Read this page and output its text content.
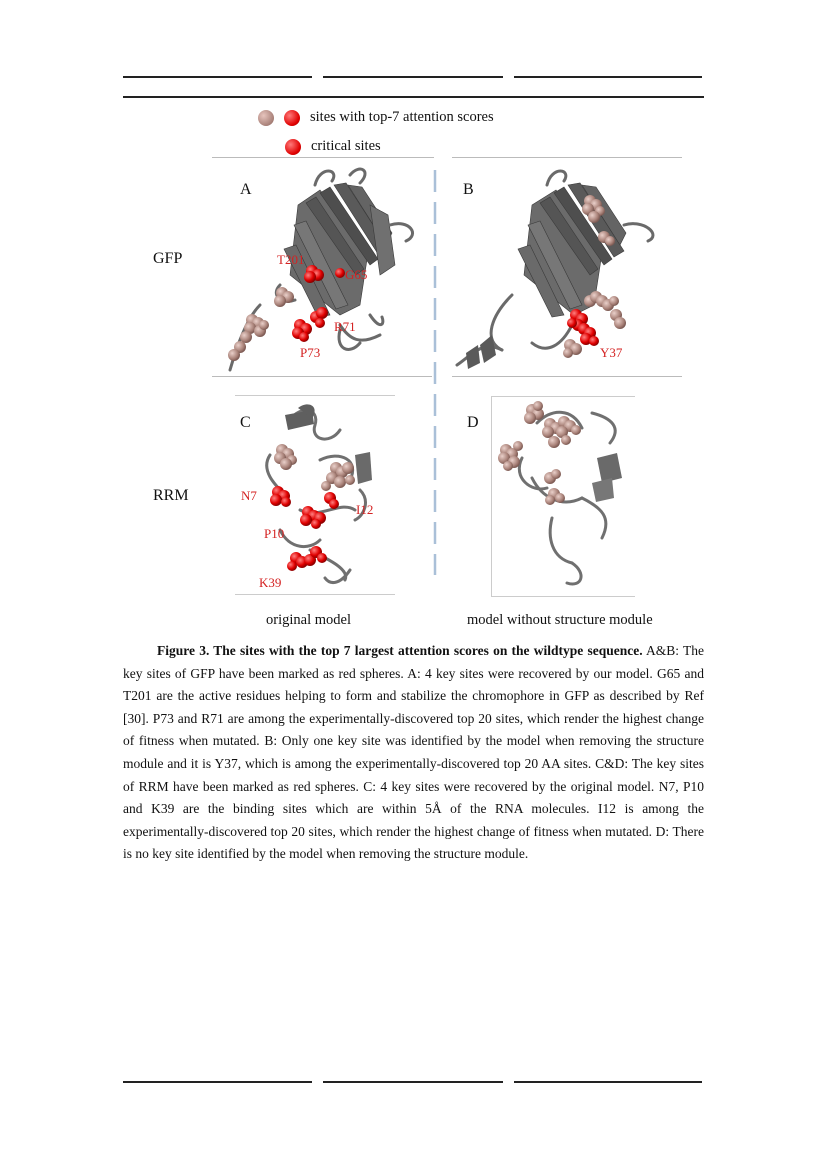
sites with top-7 attention scores
critical sites
GFP
RRM
A	B
C	D
T201
G65
R71
P73	Y37
N7
I12
P10
K39
original model	model without structure module
Figure 3. The sites with the top 7 largest attention scores on the wildtype sequence. A&B: The key sites of GFP have been marked as red spheres. A: 4 key sites were recovered by our model. G65 and T201 are the active residues helping to form and stabilize the chromophore in GFP as described by Ref [30]. P73 and R71 are among the experimentally-discovered top 20 sites, which render the highest change of fitness when mutated. B: Only one key site was identified by the model when removing the structure module and it is Y37, which is among the experimentally-discovered top 20 AA sites. C&D: The key sites of RRM have been marked as red spheres. C: 4 key sites were recovered by the original model. N7, P10 and K39 are the binding sites which are within 5Å of the RNA molecules. I12 is among the experimentally-discovered top 20 sites, which render the highest change of fitness when mutated. D: There is no key site identified by the model when removing the structure module.
